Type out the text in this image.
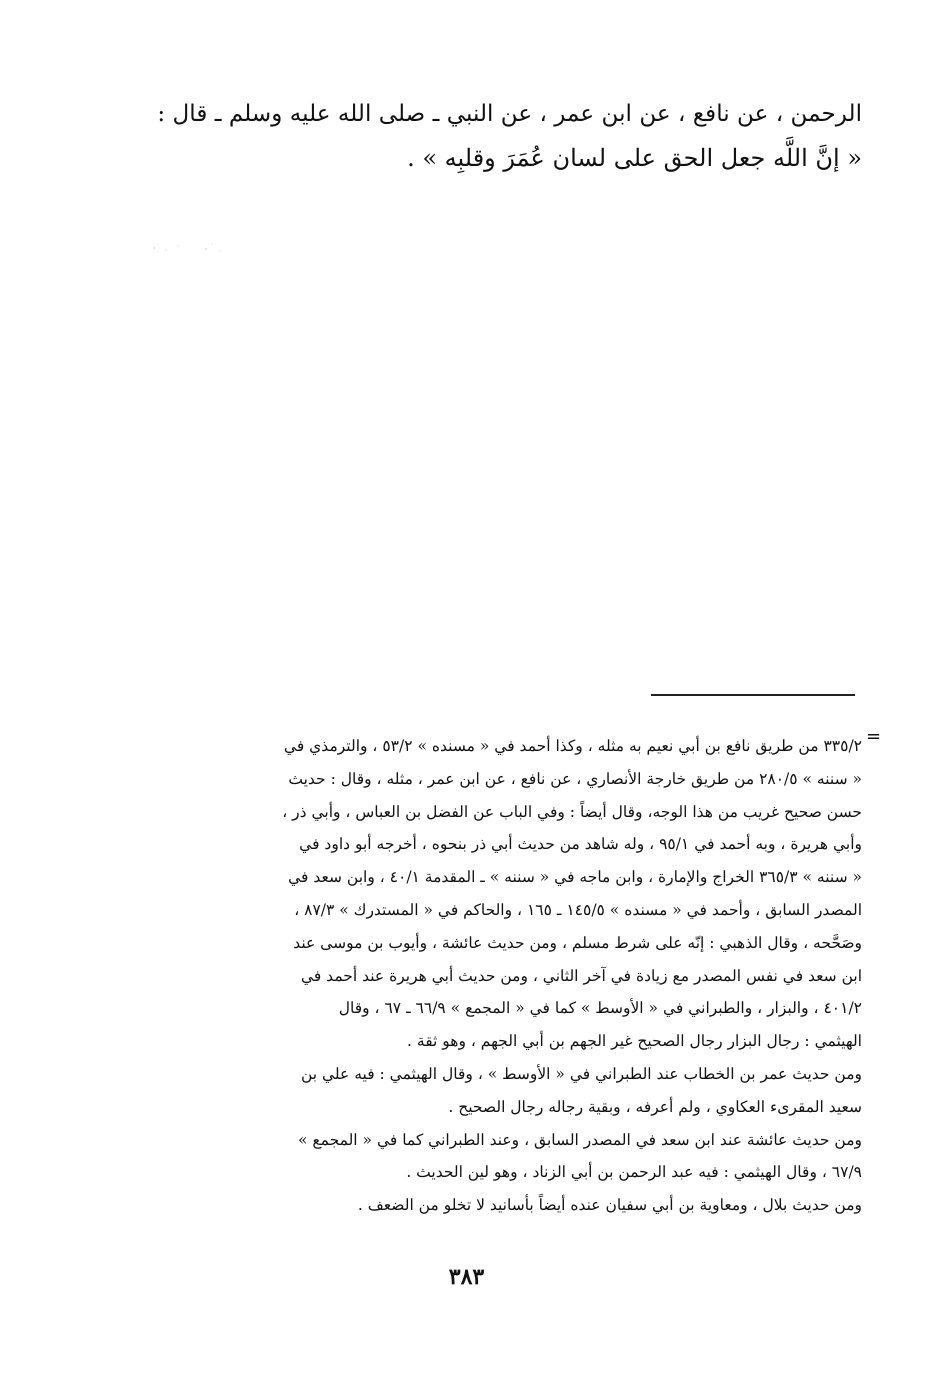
الرحمن ، عن نافع ، عن ابن عمر ، عن النبي ـ صلى الله عليه وسلم ـ قال :
« إنَّ اللَّه جعل الحق على لسان عُمَرَ وقلبِه » .
=
٣٣٥/٢ من طريق نافع بن أبي نعيم به مثله ، وكذا أحمد في « مسنده » ٥٣/٢ ، والترمذي في
« سننه » ٢٨٠/٥ من طريق خارجة الأنصاري ، عن نافع ، عن ابن عمر ، مثله ، وقال : حديث
حسن صحيح غريب من هذا الوجه، وقال أيضاً : وفي الباب عن الفضل بن العباس ، وأبي ذر ،
وأبي هريرة ، وبه أحمد في ٩٥/١ ، وله شاهد من حديث أبي ذر بنحوه ، أخرجه أبو داود في
« سننه » ٣٦٥/٣ الخراج والإمارة ، وابن ماجه في « سننه » ـ المقدمة ٤٠/١ ، وابن سعد في
المصدر السابق ، وأحمد في « مسنده » ١٤٥/٥ ـ ١٦٥ ، والحاكم في « المستدرك » ٨٧/٣ ،
وصَحَّحه ، وقال الذهبي : إنّه على شرط مسلم ، ومن حديث عائشة ، وأيوب بن موسى عند
ابن سعد في نفس المصدر مع زيادة في آخر الثاني ، ومن حديث أبي هريرة عند أحمد في
٤٠١/٢ ، والبزار ، والطبراني في « الأوسط » كما في « المجمع » ٦٦/٩ ـ ٦٧ ، وقال
الهيثمي : رجال البزار رجال الصحيح غير الجهم بن أبي الجهم ، وهو ثقة .
ومن حديث عمر بن الخطاب عند الطبراني في « الأوسط » ، وقال الهيثمي : فيه علي بن
سعيد المقرىء العكاوي ، ولم أعرفه ، وبقية رجاله رجال الصحيح .
ومن حديث عائشة عند ابن سعد في المصدر السابق ، وعند الطبراني كما في « المجمع »
٦٧/٩ ، وقال الهيثمي : فيه عبد الرحمن بن أبي الزناد ، وهو لين الحديث .
ومن حديث بلال ، ومعاوية بن أبي سفيان عنده أيضاً بأسانيد لا تخلو من الضعف .
٣٨٣
